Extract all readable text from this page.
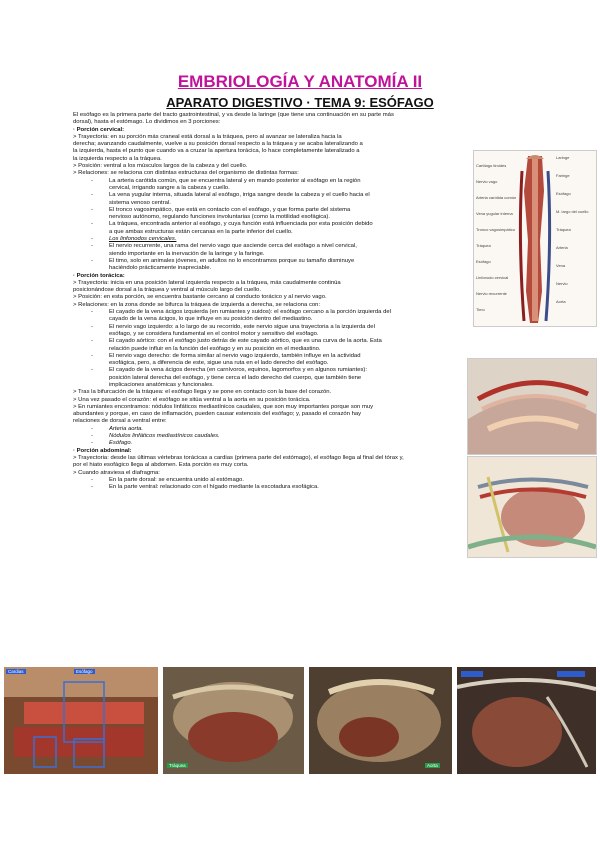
EMBRIOLOGÍA Y ANATOMÍA II
APARATO DIGESTIVO · TEMA 9: ESÓFAGO
El esófago es la primera parte del tracto gastrointestinal, y va desde la laringe (que tiene una continuación en su parte más
dorsal), hasta el estómago. Lo dividimos en 3 porciones:
· Porción cervical:
> Trayectoria: en su porción más craneal está dorsal a la tráquea, pero al avanzar se lateraliza hacia la
derecha; avanzando caudalmente, vuelve a su posición dorsal respecto a la tráquea y se acaba lateralizando a
la izquierda, hasta el punto que cuando va a cruzar la apertura torácica, lo hace completamente lateralizado a
la izquierda respecto a la tráquea.
> Posición: ventral a los músculos largos de la cabeza y del cuello.
> Relaciones: se relaciona con distintas estructuras del organismo de distintas formas:
-	La arteria carótida común, que se encuentra lateral y en mando posterior al esófago en la región
cervical, irrigando sangre a la cabeza y cuello.
-	La vena yugular interna, situada lateral al esófago, irriga sangre desde la cabeza y el cuello hacia el
sistema venoso central.
-	El tronco vagosimpático, que está en contacto con el esófago, y que forma parte del sistema
nervioso autónomo, regulando funciones involuntarias (como la motilidad esofágica).
-	La tráquea, encontrada anterior al esófago, y cuya función está influenciada por esta posición debido
a que ambas estructuras están cercanas en la parte inferior del cuello.
-	Los linfonodos cervicales.
-	El nervio recurrente, una rama del nervio vago que asciende cerca del esófago a nivel cervical,
siendo importante en la inervación de la laringe y la faringe.
-	El timo, solo en animales jóvenes, en adultos no lo encontramos porque su tamaño disminuye
haciéndolo prácticamente inapreciable.
· Porción torácica:
> Trayectoria: inicia en una posición lateral izquierda respecto a la tráquea, más caudalmente continúa
posicionándose dorsal a la tráquea y ventral al músculo largo del cuello.
> Posición: en esta porción, se encuentra bastante cercano al conducto torácico y al nervio vago.
> Relaciones: en la zona donde se bifurca la tráquea de izquierda a derecha, se relaciona con:
-	El cayado de la vena ácigos izquierda (en rumiantes y suidos): el esófago cercano a la porción izquierda del
cayado de la vena ácigos, lo que influye en su posición dentro del mediastino.
-	El nervio vago izquierdo: a lo largo de su recorrido, este nervio sigue una trayectoria a la izquierda del
esófago, y se considera fundamental en el control motor y sensitivo del esófago.
-	El cayado aórtico: con el esófago justo detrás de este cayado aórtico, que es una curva de la aorta. Esta
relación puede influir en la función del esófago y en su posición en el mediastino.
-	El nervio vago derecho: de forma similar al nervio vago izquierdo, también influye en la actividad
esofágica, pero, a diferencia de este, sigue una ruta en el lado derecho del esófago.
-	El cayado de la vena ácigos derecha (en carnívoros, equinos, lagomorfos y en algunos rumiantes):
posición lateral derecha del esófago, y tiene cerca el lado derecho del cuerpo, que también tiene
implicaciones anatómicas y funcionales.
> Tras la bifurcación de la tráquea: el esófago llega y se pone en contacto con la base del corazón.
> Una vez pasado el corazón: el esófago se sitúa ventral a la aorta en su posición torácica.
> En rumiantes encontramos: nódulos linfáticos mediastínicos caudales, que son muy importantes porque son muy
abundantes y porque, en caso de inflamación, pueden causar estenosis del esófago; y, pasado el corazón hay
relaciones de dorsal a ventral entre:
-	Arteria aorta.
-	Nódulos linfáticos mediastínicos caudales.
-	Esófago.
· Porción abdominal:
> Trayectoria: desde las últimas vértebras torácicas a cardias (primera parte del estómago), el esófago llega al final del tórax y,
por el hiato esofágico llega al abdomen. Esta porción es muy corta.
> Cuando atraviesa el diafragma:
-	En la parte dorsal: se encuentra unido al estómago.
-	En la parte ventral: relacionado con el hígado mediante la escotadura esofágica.
Cartílago tiroides
Nervio vago
Arteria carótida común
Vena yugular interna
Tronco vagosimpático
Tráquea
Esófago
Linfonodo cervical
Nervio recurrente
Timo
Laringe
Faringe
Esófago
M. largo del cuello
Tráquea
Arteria
Vena
Nervio
Aorta
Cardias	Esófago
Tráquea	Aorta
